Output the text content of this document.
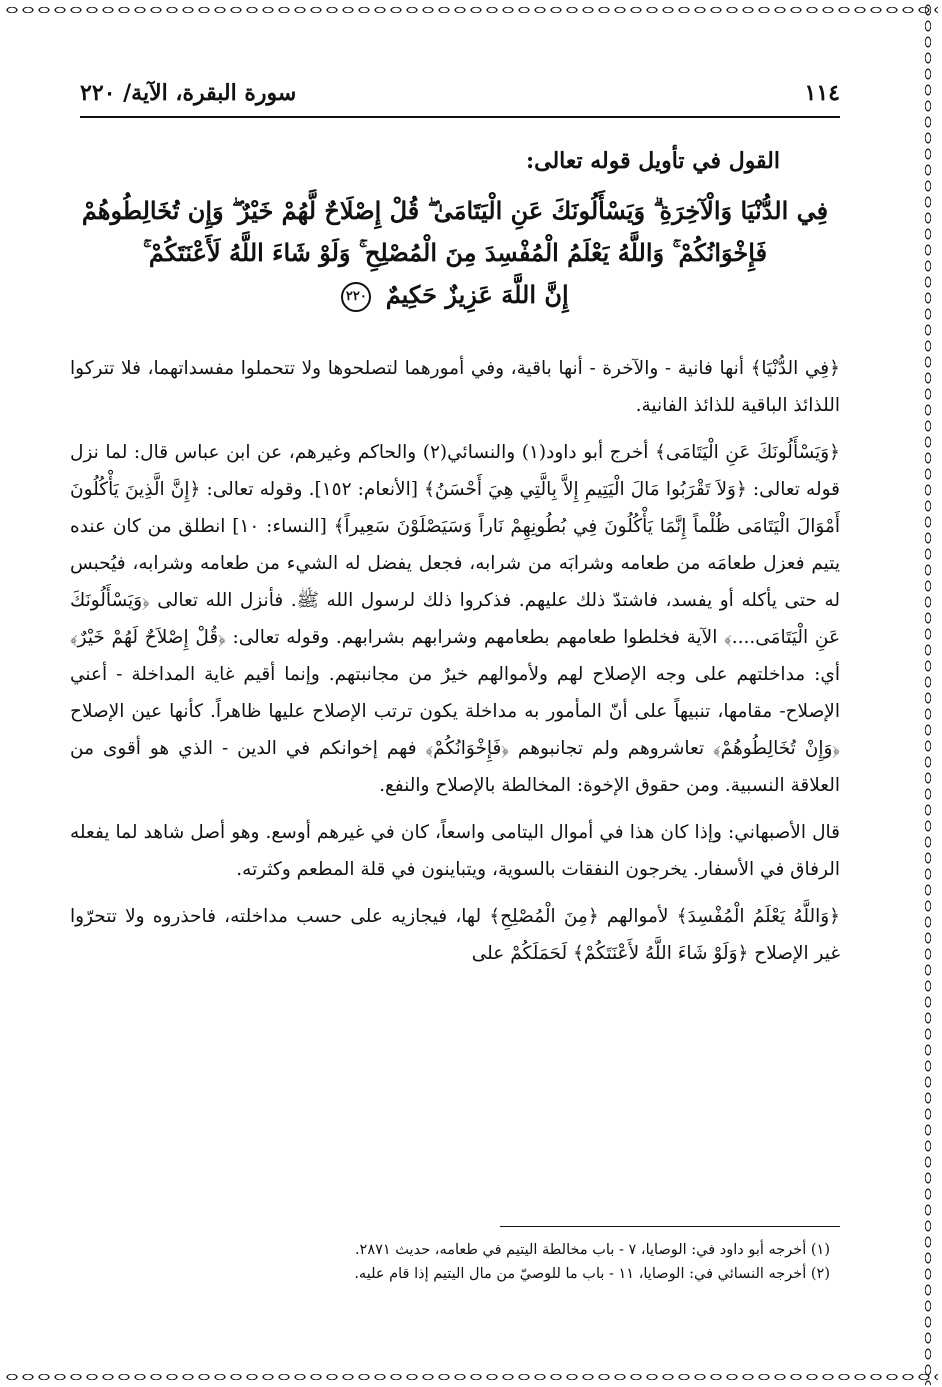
١١٤
سورة البقرة، الآية/ ٢٢٠
القول في تأويل قوله تعالى:
فِي الدُّنْيَا وَالْآخِرَةِ ۗ وَيَسْأَلُونَكَ عَنِ الْيَتَامَىٰ ۖ قُلْ إِصْلَاحٌ لَّهُمْ خَيْرٌ ۖ وَإِن تُخَالِطُوهُمْ
فَإِخْوَانُكُمْ ۚ وَاللَّهُ يَعْلَمُ الْمُفْسِدَ مِنَ الْمُصْلِحِ ۚ وَلَوْ شَاءَ اللَّهُ لَأَعْنَتَكُمْ ۚ
إِنَّ اللَّهَ عَزِيزٌ حَكِيمٌ ٢٢٠

﴿فِي الدُّنْيَا﴾ أنها فانية - والآخرة - أنها باقية، وفي أمورهما لتصلحوها ولا تتحملوا مفسداتهما، فلا تتركوا اللذائذ الباقية للذائذ الفانية.

﴿وَيَسْأَلُونَكَ عَنِ الْيَتَامَى﴾ أخرج أبو داود(١) والنسائي(٢) والحاكم وغيرهم، عن ابن عباس قال: لما نزل قوله تعالى: ﴿وَلاَ تَقْرَبُوا مَالَ الْيَتِيمِ إِلاَّ بِالَّتِي هِيَ أَحْسَنُ﴾ [الأنعام: ١٥٢]. وقوله تعالى: ﴿إِنَّ الَّذِينَ يَأْكُلُونَ أَمْوَالَ الْيَتَامَى ظُلْماً إِنَّمَا يَأْكُلُونَ فِي بُطُونِهِمْ نَاراً وَسَيَصْلَوْنَ سَعِيراً﴾ [النساء: ١٠] انطلق من كان عنده يتيم فعزل طعامَه من طعامه وشرابَه من شرابه، فجعل يفضل له الشيء من طعامه وشرابه، فيُحبس له حتى يأكله أو يفسد، فاشتدّ ذلك عليهم. فذكروا ذلك لرسول الله ﷺ. فأنزل الله تعالى ﴿وَيَسْأَلُونَكَ عَنِ الْيَتَامَى....﴾ الآية فخلطوا طعامهم بطعامهم وشرابهم بشرابهم. وقوله تعالى: ﴿قُلْ إِصْلاَحٌ لَهُمْ خَيْرٌ﴾ أي: مداخلتهم على وجه الإصلاح لهم ولأموالهم خيرٌ من مجانبتهم. وإنما أقيم غاية المداخلة - أعني الإصلاح- مقامها، تنبيهاً على أنّ المأمور به مداخلة يكون ترتب الإصلاح عليها ظاهراً. كأنها عين الإصلاح ﴿وَإِنْ تُخَالِطُوهُمْ﴾ تعاشروهم ولم تجانبوهم ﴿فَإِخْوَانُكُمْ﴾ فهم إخوانكم في الدين - الذي هو أقوى من العلاقة النسبية. ومن حقوق الإخوة: المخالطة بالإصلاح والنفع.

قال الأصبهاني: وإذا كان هذا في أموال اليتامى واسعاً، كان في غيرهم أوسع. وهو أصل شاهد لما يفعله الرفاق في الأسفار. يخرجون النفقات بالسوية، ويتباينون في قلة المطعم وكثرته.

﴿وَاللَّهُ يَعْلَمُ الْمُفْسِدَ﴾ لأموالهم ﴿مِنَ الْمُصْلِحِ﴾ لها، فيجازيه على حسب مداخلته، فاحذروه ولا تتحرّوا غير الإصلاح ﴿وَلَوْ شَاءَ اللَّهُ لأَعْنَتَكُمْ﴾ لَحَمَلَكُمْ على

(١) أخرجه أبو داود في: الوصايا، ٧ - باب مخالطة اليتيم في طعامه، حديث ٢٨٧١.
(٢) أخرجه النسائي في: الوصايا، ١١ - باب ما للوصيّ من مال اليتيم إذا قام عليه.
